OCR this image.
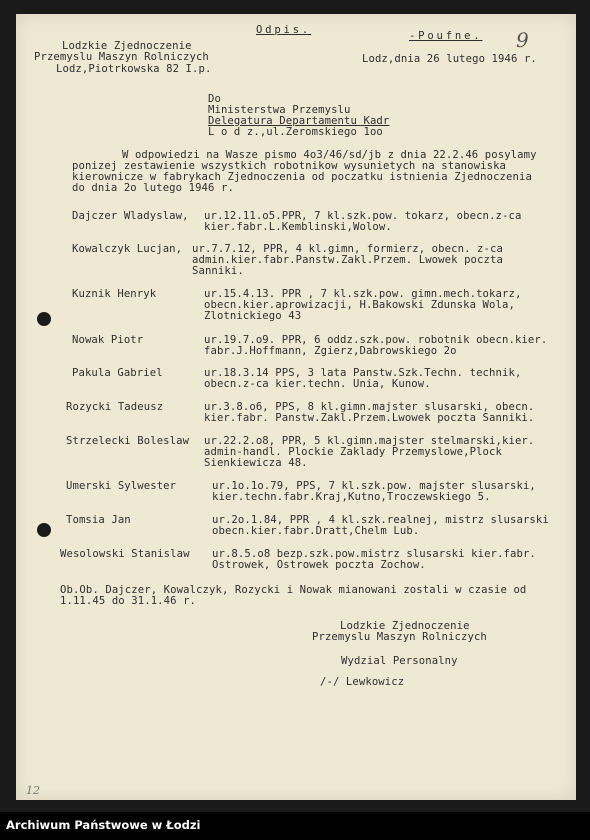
Odpis.	-Poufne. 9
Lodzkie Zjednoczenie
Przemyslu Maszyn Rolniczych
Lodz,Piotrkowska 82 I.p.
Lodz,dnia 26 lutego 1946 r.
Do
Ministerstwa Przemyslu
Delegatura Departamentu Kadr
L o d z.,ul.Zeromskiego 1oo
W odpowiedzi na Wasze pismo 4o3/46/sd/jb z dnia 22.2.46 posylamy
ponizej zestawienie wszystkich robotnikow wysunietych na stanowiska
kierownicze w fabrykach Zjednoczenia od poczatku istnienia Zjednoczenia
do dnia 2o lutego 1946 r.
Dajczer Wladyslaw, ur.12.11.o5.PPR, 7 kl.szk.pow. tokarz, obecn.z-ca
kier.fabr.L.Kemblinski,Wolow.
Kowalczyk Lucjan, ur.7.7.12, PPR, 4 kl.gimn, formierz, obecn. z-ca
admin.kier.fabr.Panstw.Zakl.Przem. Lwowek poczta
Sanniki.
Kuznik Henryk	ur.15.4.13. PPR , 7 kl.szk.pow. gimn.mech.tokarz,
obecn.kier.aprowizacji, H.Bakowski Zdunska Wola,
Zlotnickiego 43
Nowak Piotr	ur.19.7.o9. PPR, 6 oddz.szk.pow. robotnik obecn.kier.
fabr.J.Hoffmann, Zgierz,Dabrowskiego 2o
Pakula Gabriel	ur.18.3.14 PPS, 3 lata Panstw.Szk.Techn. technik,
obecn.z-ca kier.techn. Unia, Kunow.
Rozycki Tadeusz	ur.3.8.o6, PPS, 8 kl.gimn.majster slusarski, obecn.
kier.fabr. Panstw.Zakl.Przem.Lwowek poczta Sanniki.
Strzelecki Boleslaw ur.22.2.o8, PPR, 5 kl.gimn.majster stelmarski,kier.
admin-handl. Plockie Zaklady Przemyslowe,Plock
Sienkiewicza 48.
Umerski Sylwester	ur.1o.1o.79, PPS, 7 kl.szk.pow. majster slusarski,
kier.techn.fabr.Kraj,Kutno,Troczewskiego 5.
Tomsia Jan	ur.2o.1.84, PPR , 4 kl.szk.realnej, mistrz slusarski
obecn.kier.fabr.Dratt,Chelm Lub.
Wesolowski Stanislaw ur.8.5.o8 bezp.szk.pow.mistrz slusarski kier.fabr.
Ostrowek, Ostrowek poczta Zochow.
Ob.Ob. Dajczer, Kowalczyk, Rozycki i Nowak mianowani zostali w czasie od
1.11.45 do 31.1.46 r.
Lodzkie Zjednoczenie
Przemyslu Maszyn Rolniczych
Wydzial Personalny
/-/ Lewkowicz
12
Archiwum Państwowe w Łodzi
